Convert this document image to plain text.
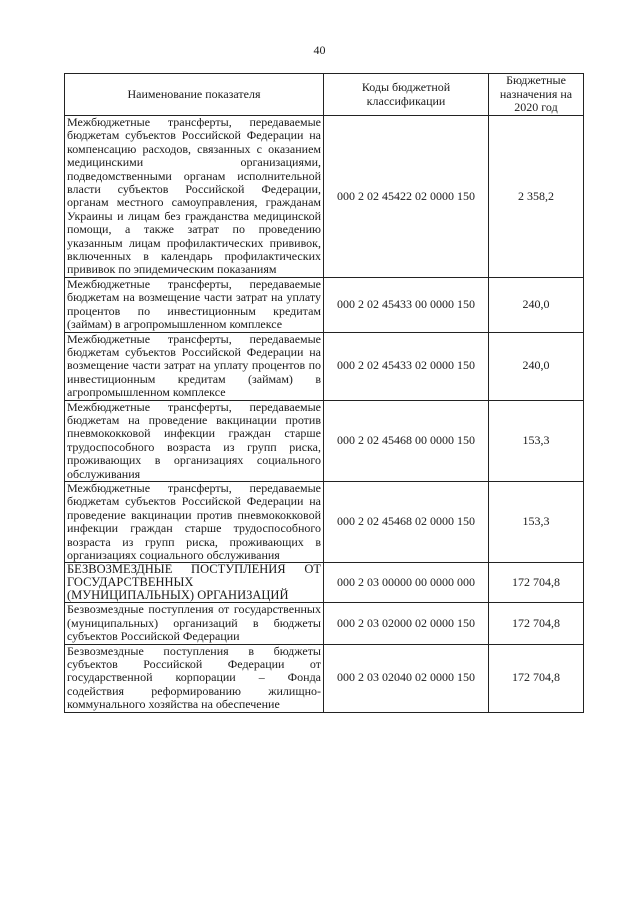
40
Наименование показателя	Коды бюджетной классификации	Бюджетные назначения на 2020 год
Межбюджетные трансферты, передаваемые бюджетам субъектов Российской Федерации на компенсацию расходов, связанных с оказанием медицинскими организациями, подведомственными органам исполнительной власти субъектов Российской Федерации, органам местного самоуправления, гражданам Украины и лицам без гражданства медицинской помощи, а также затрат по проведению указанным лицам профилактических прививок, включенных в календарь профилактических прививок по эпидемическим показаниям	000 2 02 45422 02 0000 150	2 358,2
Межбюджетные трансферты, передаваемые бюджетам на возмещение части затрат на уплату процентов по инвестиционным кредитам (займам) в агропромышленном комплексе	000 2 02 45433 00 0000 150	240,0
Межбюджетные трансферты, передаваемые бюджетам субъектов Российской Федерации на возмещение части затрат на уплату процентов по инвестиционным кредитам (займам) в агропромышленном комплексе	000 2 02 45433 02 0000 150	240,0
Межбюджетные трансферты, передаваемые бюджетам на проведение вакцинации против пневмококковой инфекции граждан старше трудоспособного возраста из групп риска, проживающих в организациях социального обслуживания	000 2 02 45468 00 0000 150	153,3
Межбюджетные трансферты, передаваемые бюджетам субъектов Российской Федерации на проведение вакцинации против пневмококковой инфекции граждан старше трудоспособного возраста из групп риска, проживающих в организациях социального обслуживания	000 2 02 45468 02 0000 150	153,3
БЕЗВОЗМЕЗДНЫЕ ПОСТУПЛЕНИЯ ОТ ГОСУДАРСТВЕННЫХ (МУНИЦИПАЛЬНЫХ) ОРГАНИЗАЦИЙ	000 2 03 00000 00 0000 000	172 704,8
Безвозмездные поступления от государственных (муниципальных) организаций в бюджеты субъектов Российской Федерации	000 2 03 02000 02 0000 150	172 704,8
Безвозмездные поступления в бюджеты субъектов Российской Федерации от государственной корпорации – Фонда содействия реформированию жилищно-коммунального хозяйства на обеспечение	000 2 03 02040 02 0000 150	172 704,8
